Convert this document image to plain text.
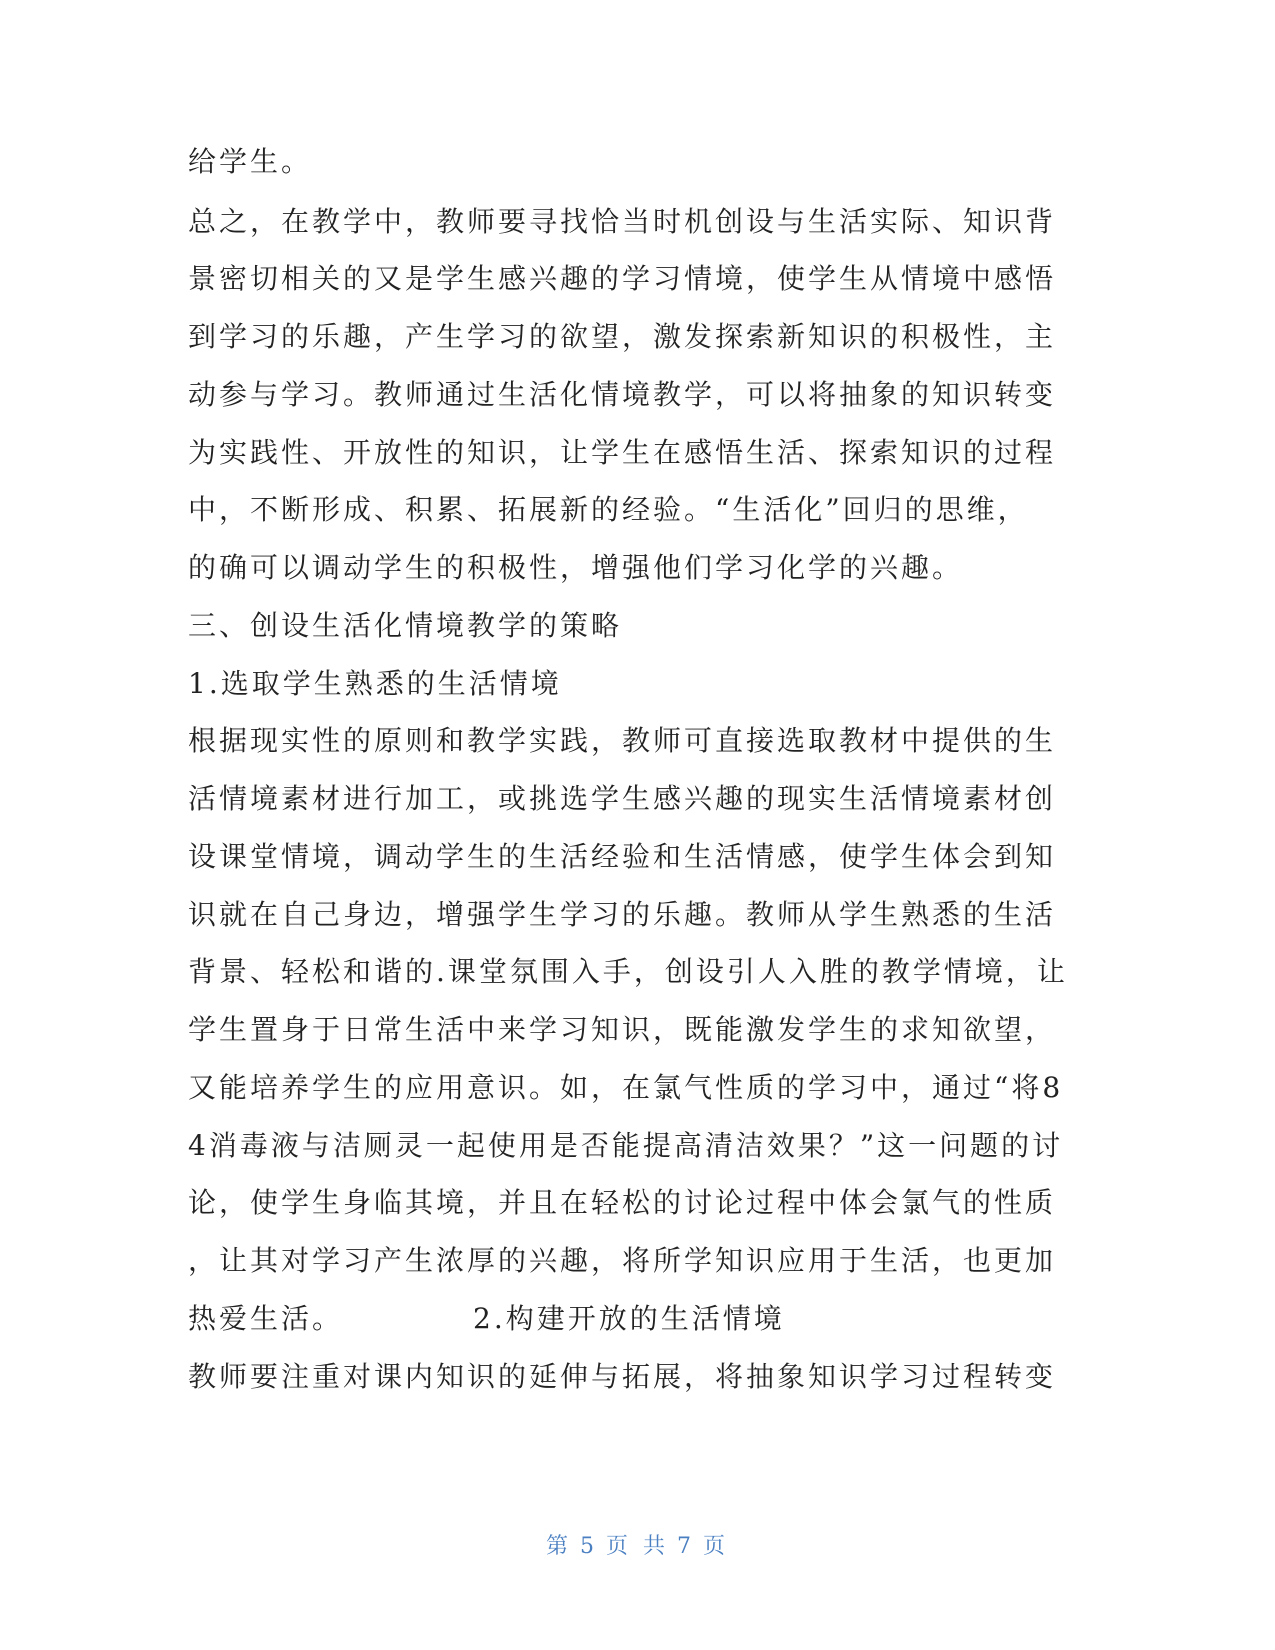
给学生。
总之，在教学中，教师要寻找恰当时机创设与生活实际、知识背
景密切相关的又是学生感兴趣的学习情境，使学生从情境中感悟
到学习的乐趣，产生学习的欲望，激发探索新知识的积极性，主
动参与学习。教师通过生活化情境教学，可以将抽象的知识转变
为实践性、开放性的知识，让学生在感悟生活、探索知识的过程
中，不断形成、积累、拓展新的经验。“生活化”回归的思维，
的确可以调动学生的积极性，增强他们学习化学的兴趣。
三、创设生活化情境教学的策略
1.选取学生熟悉的生活情境
根据现实性的原则和教学实践，教师可直接选取教材中提供的生
活情境素材进行加工，或挑选学生感兴趣的现实生活情境素材创
设课堂情境，调动学生的生活经验和生活情感，使学生体会到知
识就在自己身边，增强学生学习的乐趣。教师从学生熟悉的生活
背景、轻松和谐的.课堂氛围入手，创设引人入胜的教学情境，让
学生置身于日常生活中来学习知识，既能激发学生的求知欲望，
又能培养学生的应用意识。如，在氯气性质的学习中，通过“将8
4消毒液与洁厕灵一起使用是否能提高清洁效果？”这一问题的讨
论，使学生身临其境，并且在轻松的讨论过程中体会氯气的性质
，让其对学习产生浓厚的兴趣，将所学知识应用于生活，也更加
热爱生活。	2.构建开放的生活情境
教师要注重对课内知识的延伸与拓展，将抽象知识学习过程转变
第 5 页 共 7 页
